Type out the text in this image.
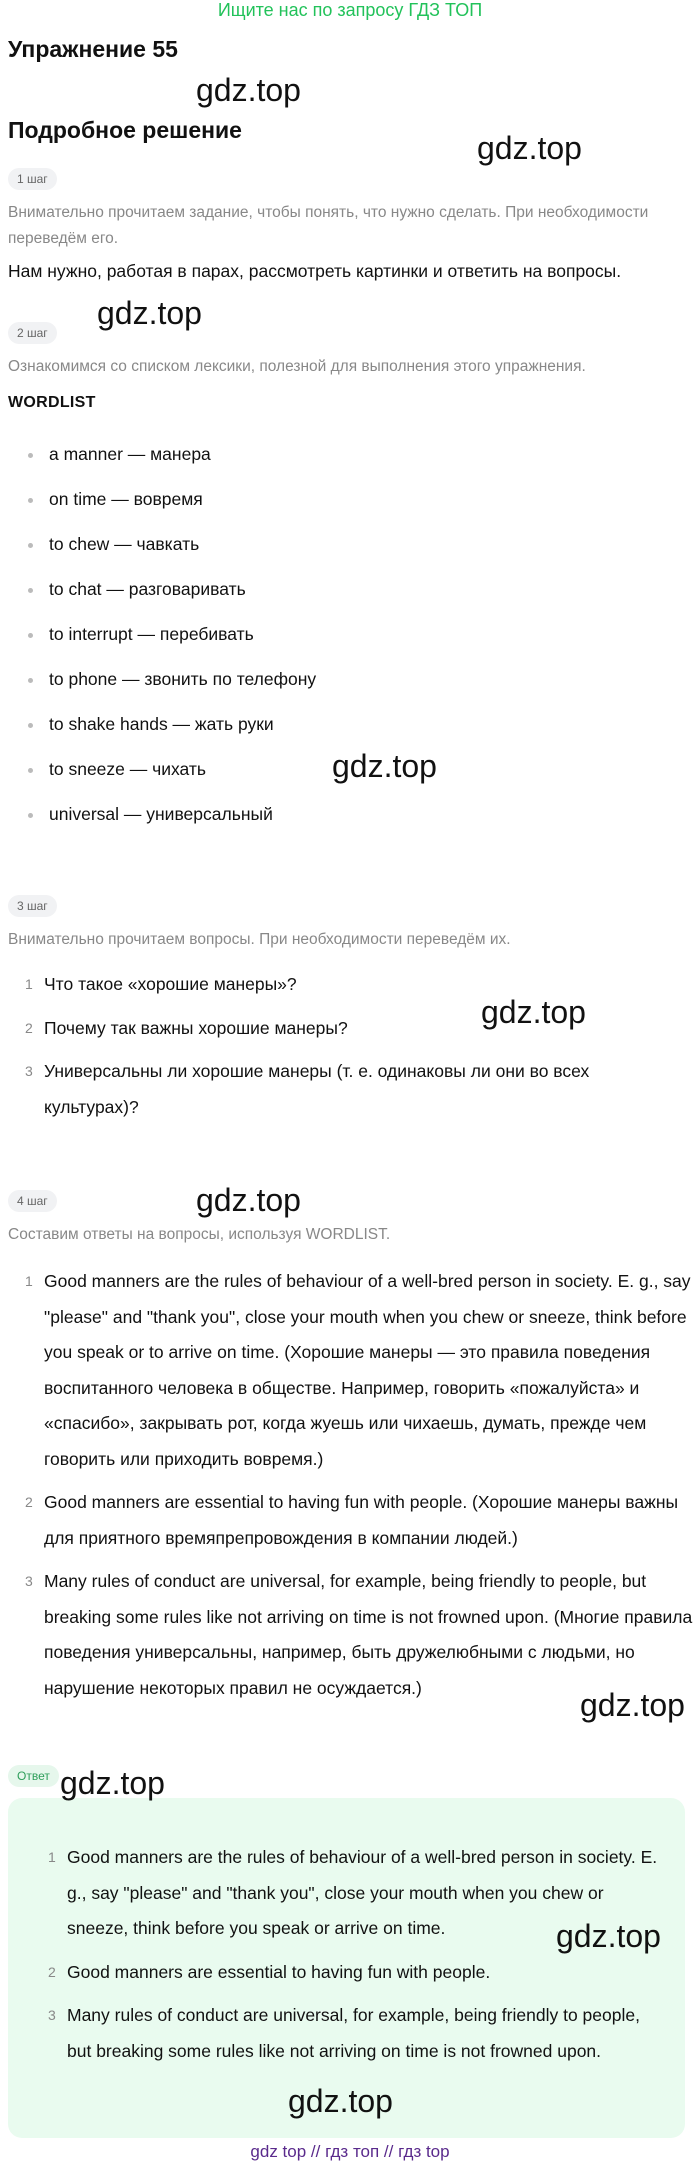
Ищите нас по запросу ГДЗ ТОП
Упражнение 55
gdz.top
Подробное решение	gdz.top
1 шаг
Внимательно прочитаем задание, чтобы понять, что нужно сделать. При необходимости переведём его.
Нам нужно, работая в парах, рассмотреть картинки и ответить на вопросы.
gdz.top
2 шаг
Ознакомимся со списком лексики, полезной для выполнения этого упражнения.
WORDLIST
a manner — манера
on time — вовремя
to chew — чавкать
to chat — разговаривать
to interrupt — перебивать
to phone — звонить по телефону
to shake hands — жать руки
to sneeze — чихать
universal — универсальный
gdz.top
3 шаг
Внимательно прочитаем вопросы. При необходимости переведём их.
1 Что такое «хорошие манеры»?
2 Почему так важны хорошие манеры?
3 Универсальны ли хорошие манеры (т. е. одинаковы ли они во всех культурах)?
gdz.top
gdz.top
4 шаг
Составим ответы на вопросы, используя WORDLIST.
1 Good manners are the rules of behaviour of a well-bred person in society. E. g., say "please" and "thank you", close your mouth when you chew or sneeze, think before you speak or to arrive on time. (Хорошие манеры — это правила поведения воспитанного человека в обществе. Например, говорить «пожалуйста» и «спасибо», закрывать рот, когда жуешь или чихаешь, думать, прежде чем говорить или приходить вовремя.)
2 Good manners are essential to having fun with people. (Хорошие манеры важны для приятного времяпрепровождения в компании людей.)
3 Many rules of conduct are universal, for example, being friendly to people, but breaking some rules like not arriving on time is not frowned upon. (Многие правила поведения универсальны, например, быть дружелюбными с людьми, но нарушение некоторых правил не осуждается.)	gdz.top
Ответ
1 Good manners are the rules of behaviour of a well-bred person in society. E. g., say "please" and "thank you", close your mouth when you chew or sneeze, think before you speak or arrive on time.
2 Good manners are essential to having fun with people.
3 Many rules of conduct are universal, for example, being friendly to people, but breaking some rules like not arriving on time is not frowned upon.
gdz.top
gdz.top
gdz.top
gdz top // гдз топ // гдз top
